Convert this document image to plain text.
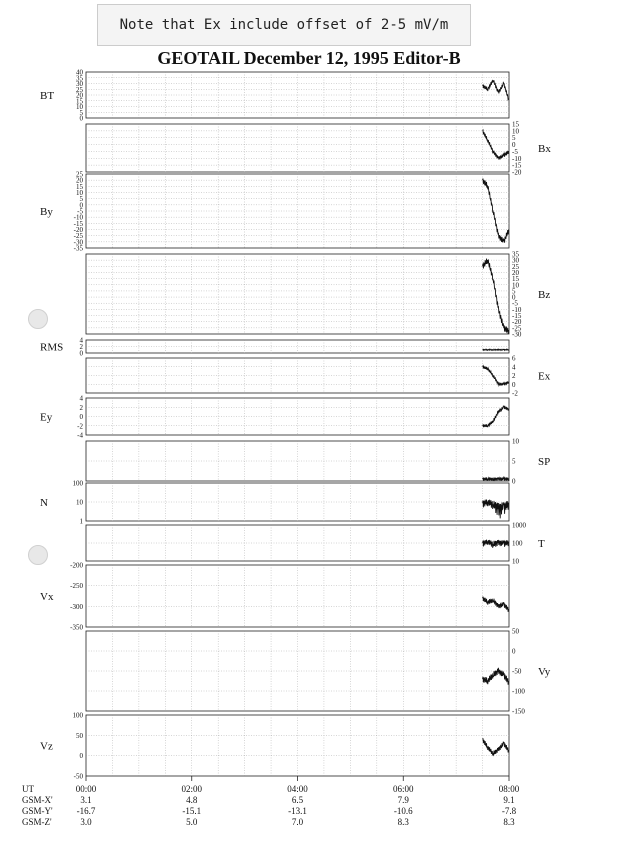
Note that Ex include offset of 2-5 mV/m
GEOTAIL December 12, 1995 Editor-B
40
35
30
25
20
15
10
5
0
BT
15
10
5
0
-5
-10
-15
-20
Bx
25
20
15
10
5
0
-5
-10
-15
-20
-25
-30
-35
By
35
30
25
20
15
10
5
0
-5
-10
-15
-20
-25
-30
Bz
4
2
0
RMS
6
4
2
0
-2
Ex
4
2
0
-2
-4
Ey
10
5
0
SP
100
10
1
N
1000
100
10
T
-200
-250
-300
-350
Vx
50
0
-50
-100
-150
Vy
100
50
0
-50
Vz
UT
GSM-X'
GSM-Y'
GSM-Z'
00:00
3.1
-16.7
3.0
02:00
4.8
-15.1
5.0
04:00
6.5
-13.1
7.0
06:00
7.9
-10.6
8.3
08:00
9.1
-7.8
8.3
